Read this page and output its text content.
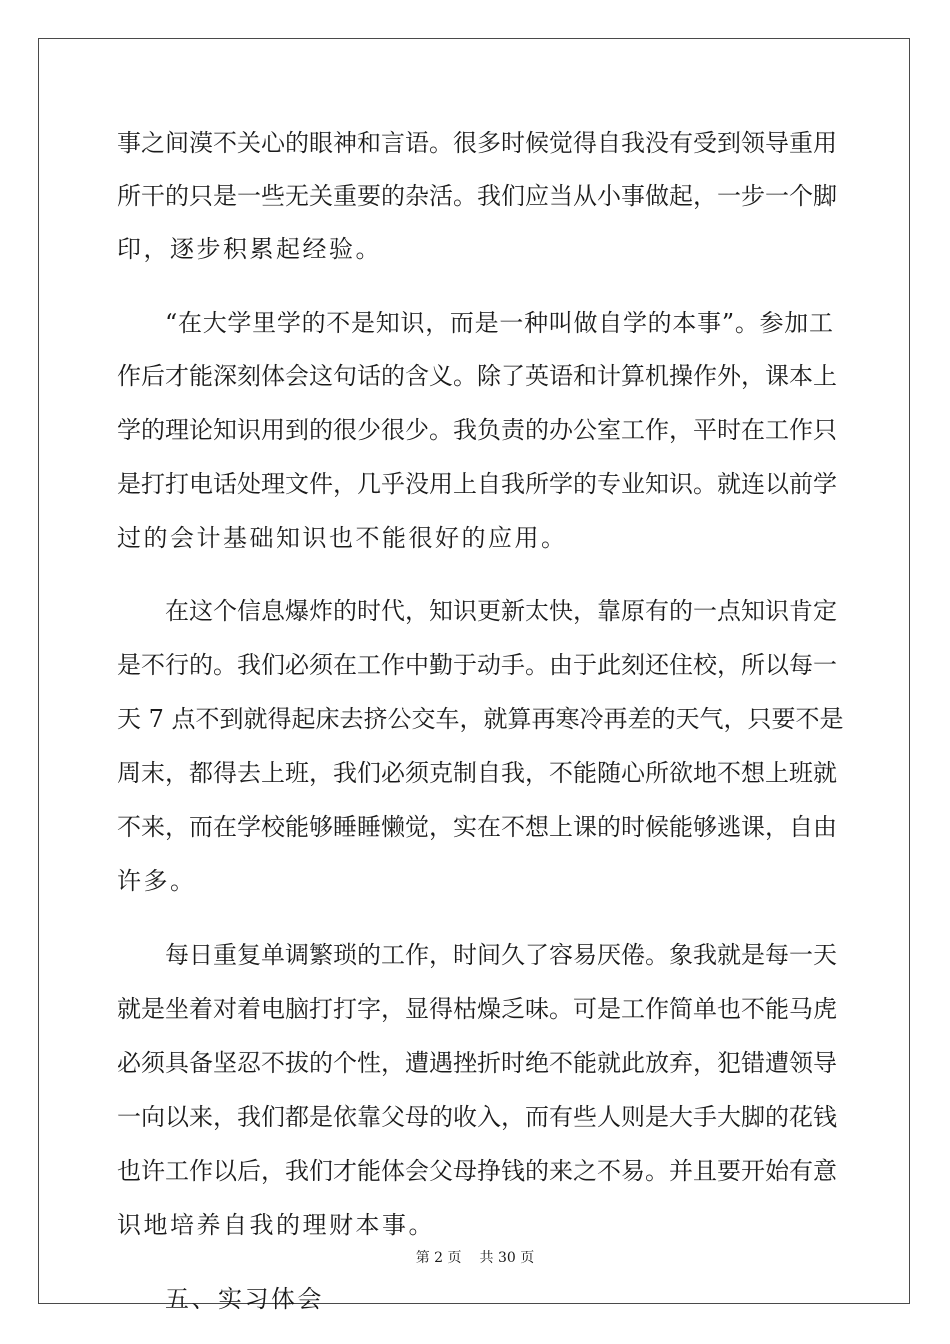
事之间漠不关心的眼神和言语。很多时候觉得自我没有受到领导重用
所干的只是一些无关重要的杂活。我们应当从小事做起，一步一个脚
印，逐步积累起经验。
“在大学里学的不是知识，而是一种叫做自学的本事”。参加工
作后才能深刻体会这句话的含义。除了英语和计算机操作外，课本上
学的理论知识用到的很少很少。我负责的办公室工作，平时在工作只
是打打电话处理文件，几乎没用上自我所学的专业知识。就连以前学
过的会计基础知识也不能很好的应用。
在这个信息爆炸的时代，知识更新太快，靠原有的一点知识肯定
是不行的。我们必须在工作中勤于动手。由于此刻还住校，所以每一
天 7 点不到就得起床去挤公交车，就算再寒冷再差的天气，只要不是
周末，都得去上班，我们必须克制自我，不能随心所欲地不想上班就
不来，而在学校能够睡睡懒觉，实在不想上课的时候能够逃课，自由
许多。
每日重复单调繁琐的工作，时间久了容易厌倦。象我就是每一天
就是坐着对着电脑打打字，显得枯燥乏味。可是工作简单也不能马虎
必须具备坚忍不拔的个性，遭遇挫折时绝不能就此放弃，犯错遭领导
一向以来，我们都是依靠父母的收入，而有些人则是大手大脚的花钱
也许工作以后，我们才能体会父母挣钱的来之不易。并且要开始有意
识地培养自我的理财本事。
五、实习体会
第 2 页 共 30 页
